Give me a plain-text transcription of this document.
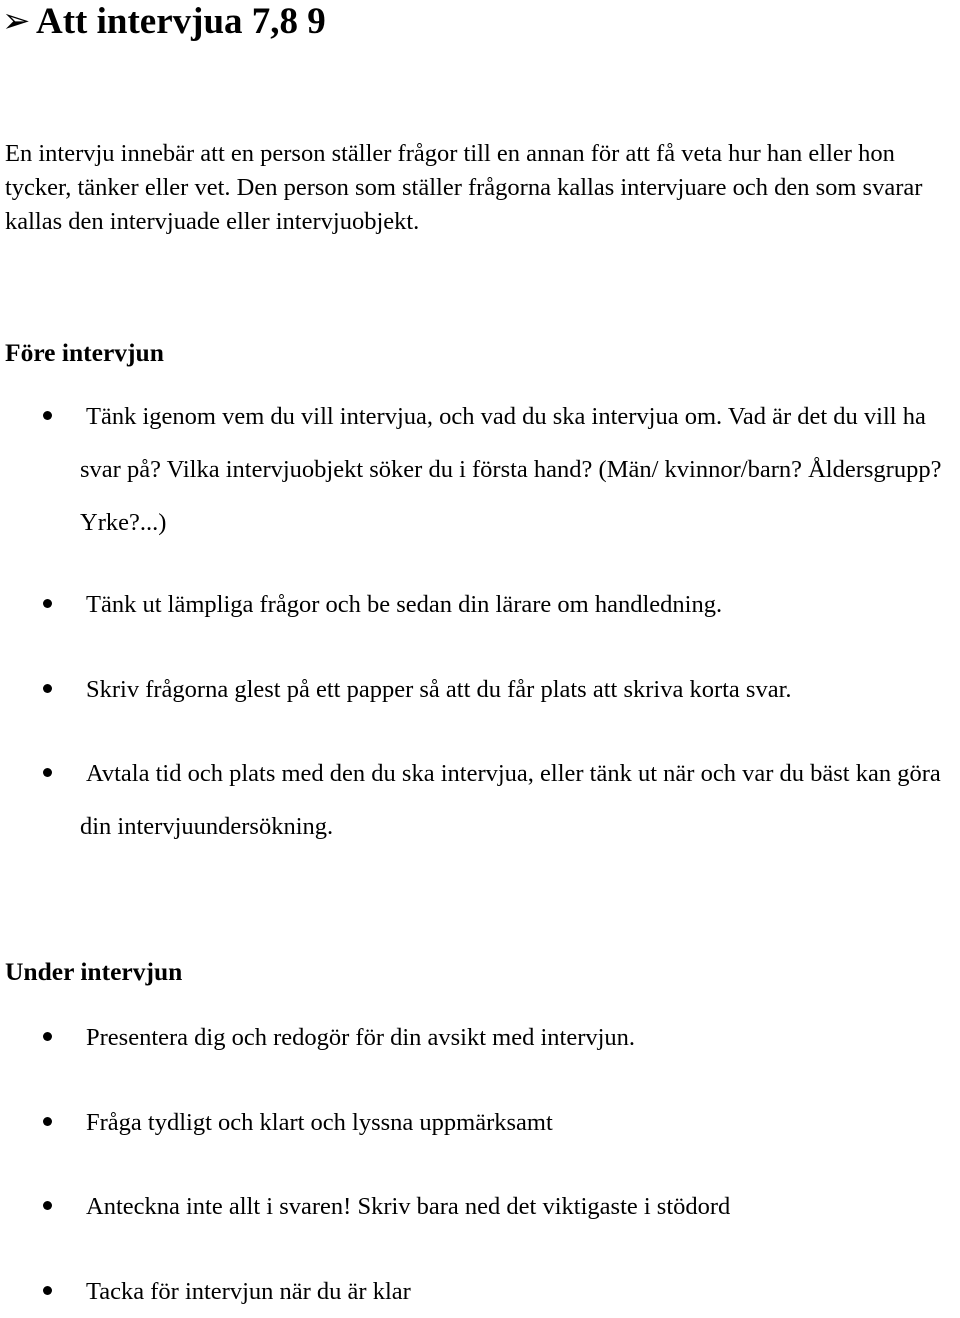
➢ Att intervjua 7,8 9

En intervju innebär att en person ställer frågor till en annan för att få veta hur han eller hon tycker, tänker eller vet. Den person som ställer frågorna kallas intervjuare och den som svarar kallas den intervjuade eller intervjuobjekt.

Före intervjun
Tänk igenom vem du vill intervjua, och vad du ska intervjua om. Vad är det du vill ha svar på? Vilka intervjuobjekt söker du i första hand? (Män/ kvinnor/barn? Åldersgrupp? Yrke?...)
Tänk ut lämpliga frågor och be sedan din lärare om handledning.
Skriv frågorna glest på ett papper så att du får plats att skriva korta svar.
Avtala tid och plats med den du ska intervjua, eller tänk ut när och var du bäst kan göra din intervjuundersökning.
Under intervjun
Presentera dig och redogör för din avsikt med intervjun.
Fråga tydligt och klart och lyssna uppmärksamt
Anteckna inte allt i svaren! Skriv bara ned det viktigaste i stödord
Tacka för intervjun när du är klar
